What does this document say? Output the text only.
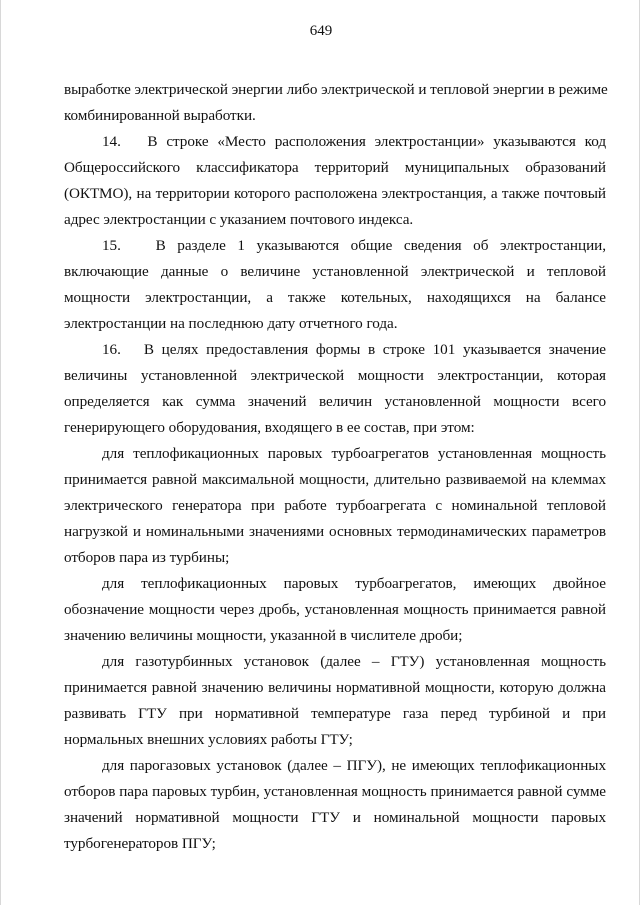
649
выработке электрической энергии либо электрической и тепловой энергии в режиме
комбинированной выработки.
14.   В строке «Место расположения электростанции» указываются код
Общероссийского классификатора территорий муниципальных образований
(ОКТМО), на территории которого расположена электростанция, а также почтовый
адрес электростанции с указанием почтового индекса.
15.   В разделе 1 указываются общие сведения об электростанции,
включающие данные о величине установленной электрической и тепловой
мощности электростанции, а также котельных, находящихся на балансе
электростанции на последнюю дату отчетного года.
16.   В целях предоставления формы в строке 101 указывается значение
величины установленной электрической мощности электростанции, которая
определяется как сумма значений величин установленной мощности всего
генерирующего оборудования, входящего в ее состав, при этом:
для теплофикационных паровых турбоагрегатов установленная мощность
принимается равной максимальной мощности, длительно развиваемой на клеммах
электрического генератора при работе турбоагрегата с номинальной тепловой
нагрузкой и номинальными значениями основных термодинамических параметров
отборов пара из турбины;
для теплофикационных паровых турбоагрегатов, имеющих двойное
обозначение мощности через дробь, установленная мощность принимается равной
значению величины мощности, указанной в числителе дроби;
для газотурбинных установок (далее – ГТУ) установленная мощность
принимается равной значению величины нормативной мощности, которую должна
развивать ГТУ при нормативной температуре газа перед турбиной и при
нормальных внешних условиях работы ГТУ;
для парогазовых установок (далее – ПГУ), не имеющих теплофикационных
отборов пара паровых турбин, установленная мощность принимается равной сумме
значений нормативной мощности ГТУ и номинальной мощности паровых
турбогенераторов ПГУ;
